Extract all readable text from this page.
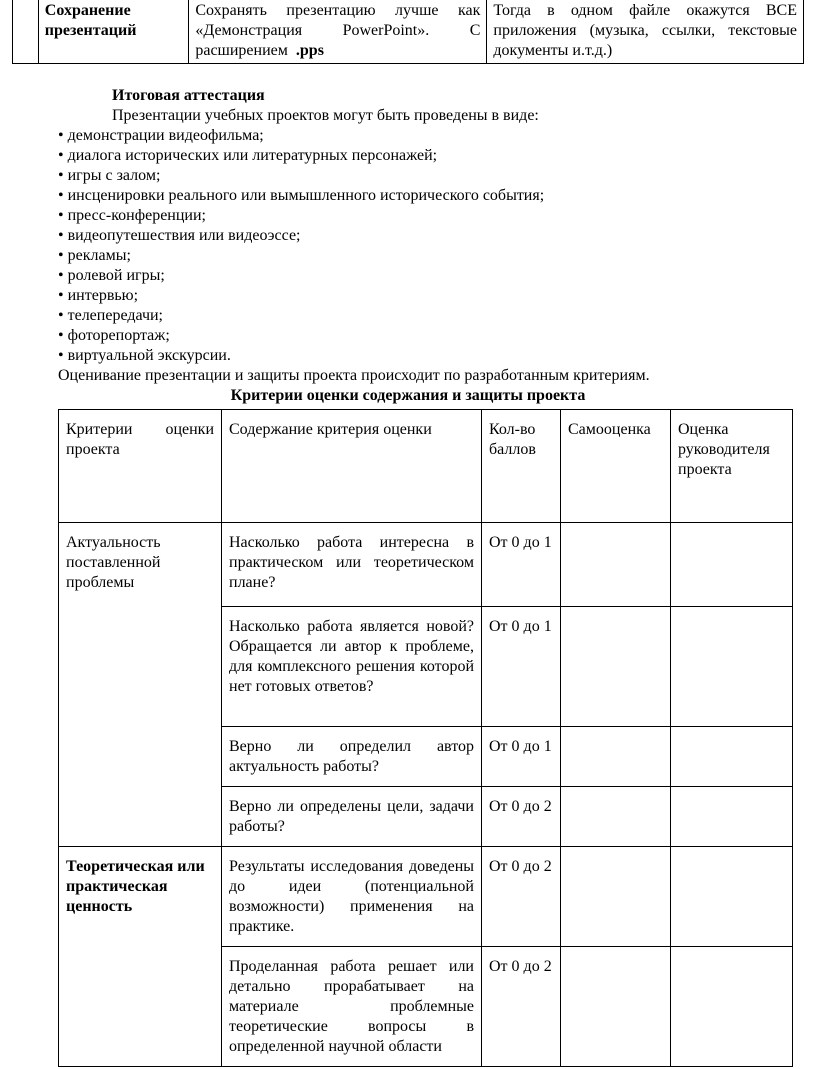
	Сохранение презентаций	Сохранять презентацию лучше как «Демонстрация PowerPoint». С расширением .pps	Тогда в одном файле окажутся ВСЕ приложения (музыка, ссылки, текстовые документы и.т.д.)
Итоговая аттестация
Презентации учебных проектов могут быть проведены в виде:
• демонстрации видеофильма;
• диалога исторических или литературных персонажей;
• игры с залом;
• инсценировки реального или вымышленного исторического события;
• пресс-конференции;
• видеопутешествия или видеоэссе;
• рекламы;
• ролевой игры;
• интервью;
• телепередачи;
• фоторепортаж;
• виртуальной экскурсии.
Оценивание презентации и защиты проекта происходит по разработанным критериям.
Критерии оценки содержания и защиты проекта
Критерии оценки проекта	Содержание критерия оценки	Кол-во баллов	Самооценка	Оценка руководителя проекта
Актуальность поставленной проблемы	Насколько работа интересна в практическом или теоретическом плане?	От 0 до 1		
	Насколько работа является новой? Обращается ли автор к проблеме, для комплексного решения которой нет готовых ответов?	От 0 до 1		
	Верно ли определил автор актуальность работы?	От 0 до 1		
	Верно ли определены цели, задачи работы?	От 0 до 2		
Теоретическая или практическая ценность	Результаты исследования доведены до идеи (потенциальной возможности) применения на практике.	От 0 до 2		
	Проделанная работа решает или детально прорабатывает на материале проблемные теоретические вопросы в определенной научной области	От 0 до 2		
